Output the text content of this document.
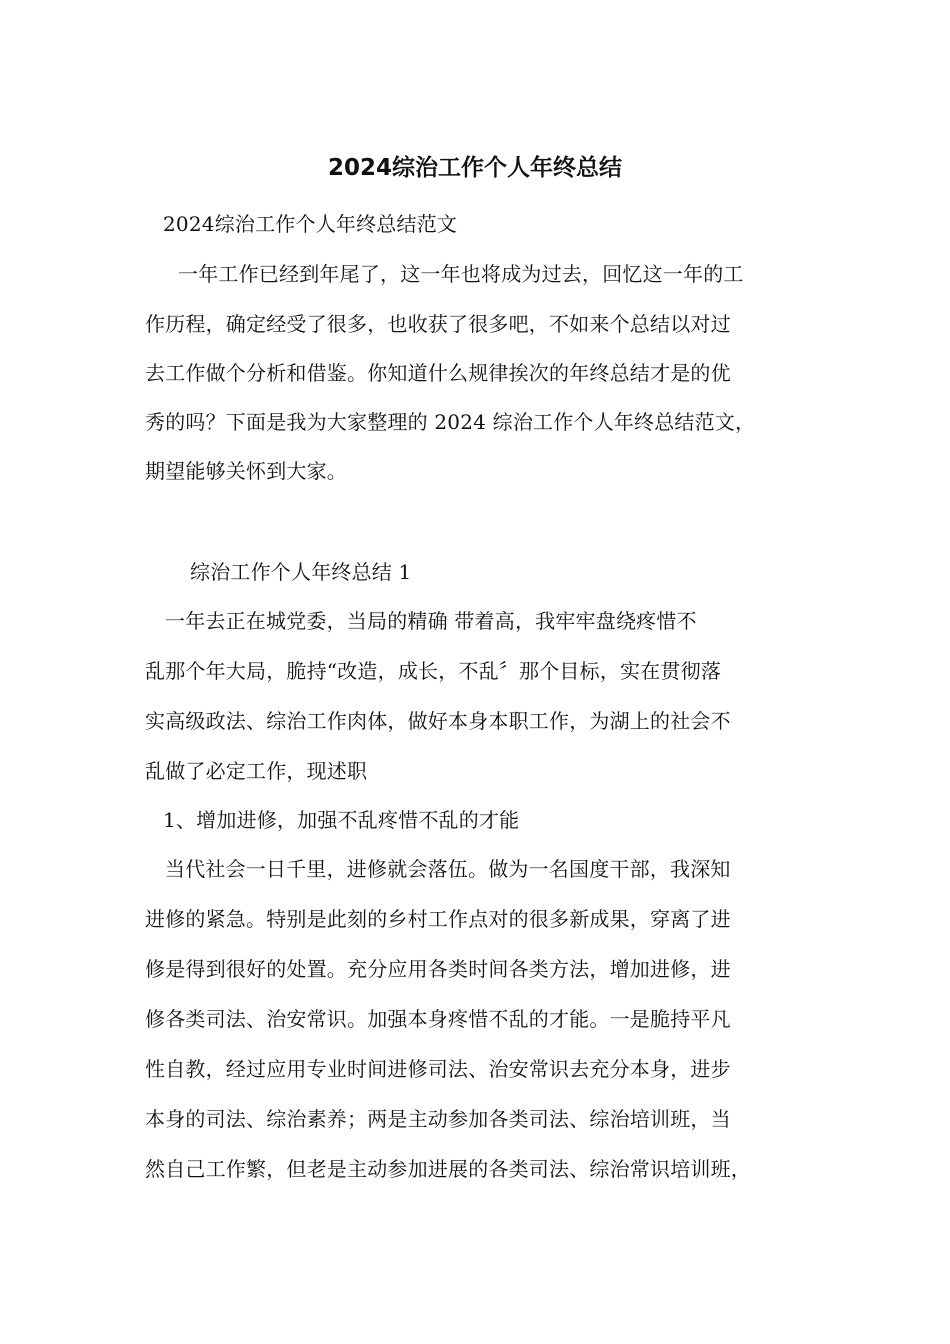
2024综治工作个人年终总结
2024综治工作个人年终总结范文
一年工作已经到年尾了，这一年也将成为过去，回忆这一年的工
作历程，确定经受了很多，也收获了很多吧，不如来个总结以对过
去工作做个分析和借鉴。你知道什么规律挨次的年终总结才是的优
秀的吗？下面是我为大家整理的 2024 综治工作个人年终总结范文，
期望能够关怀到大家。
综治工作个人年终总结 1
一年去正在城党委，当局的精确 带着高，我牢牢盘绕疼惜不
乱那个年大局，脆持“改造，成长，不乱〞那个目标，实在贯彻落
实高级政法、综治工作肉体，做好本身本职工作，为湖上的社会不
乱做了必定工作，现述职
1、增加进修，加强不乱疼惜不乱的才能
当代社会一日千里，进修就会落伍。做为一名国度干部，我深知
进修的紧急。特别是此刻的乡村工作点对的很多新成果，穿离了进
修是得到很好的处置。充分应用各类时间各类方法，增加进修，进
修各类司法、治安常识。加强本身疼惜不乱的才能。一是脆持平凡
性自教，经过应用专业时间进修司法、治安常识去充分本身，进步
本身的司法、综治素养；两是主动参加各类司法、综治培训班，当
然自己工作繁，但老是主动参加进展的各类司法、综治常识培训班，
